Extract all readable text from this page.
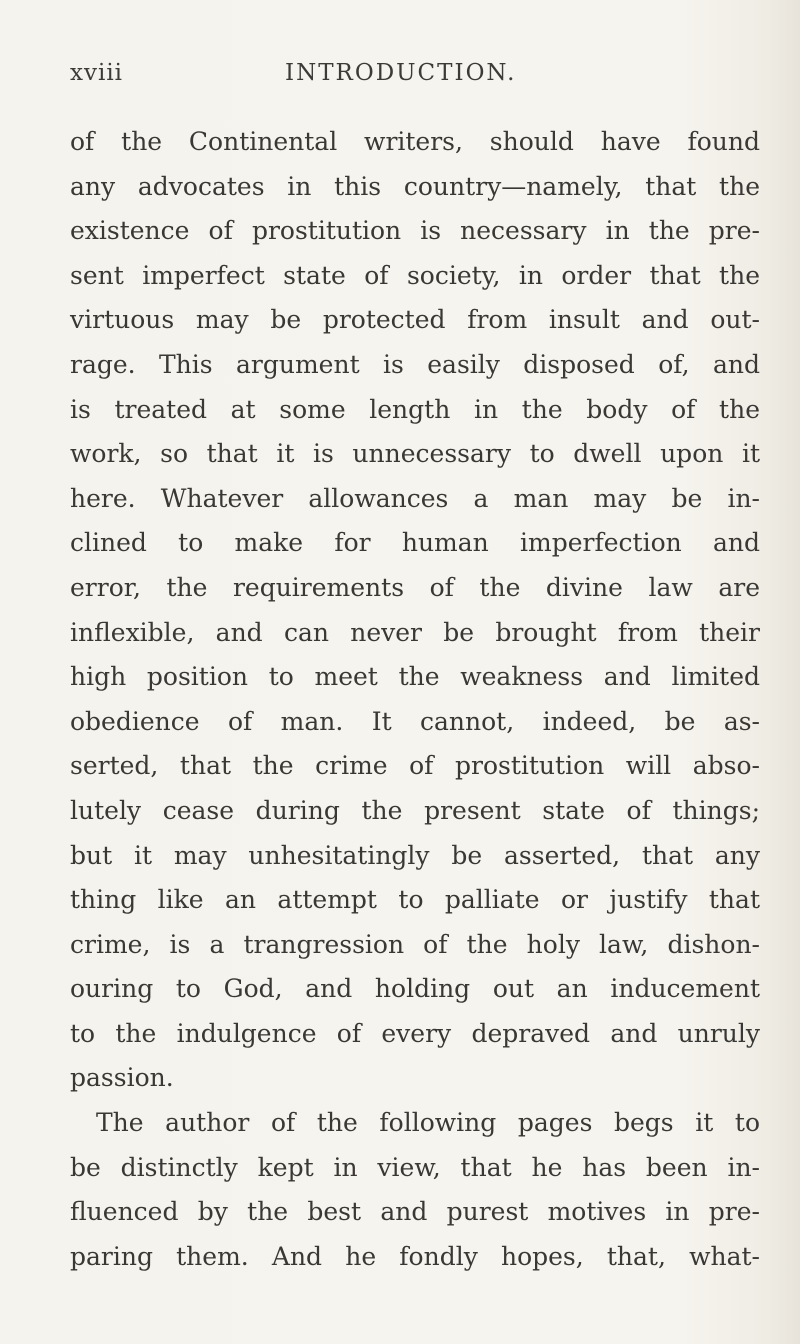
xviii	INTRODUCTION.
of the Continental writers, should have found
any advocates in this country—namely, that the
existence of prostitution is necessary in the pre-
sent imperfect state of society, in order that the
virtuous may be protected from insult and out-
rage. This argument is easily disposed of, and
is treated at some length in the body of the
work, so that it is unnecessary to dwell upon it
here. Whatever allowances a man may be in-
clined to make for human imperfection and
error, the requirements of the divine law are
inflexible, and can never be brought from their
high position to meet the weakness and limited
obedience of man. It cannot, indeed, be as-
serted, that the crime of prostitution will abso-
lutely cease during the present state of things;
but it may unhesitatingly be asserted, that any
thing like an attempt to palliate or justify that
crime, is a trangression of the holy law, dishon-
ouring to God, and holding out an inducement
to the indulgence of every depraved and unruly
passion.
The author of the following pages begs it to
be distinctly kept in view, that he has been in-
fluenced by the best and purest motives in pre-
paring them. And he fondly hopes, that, what-
